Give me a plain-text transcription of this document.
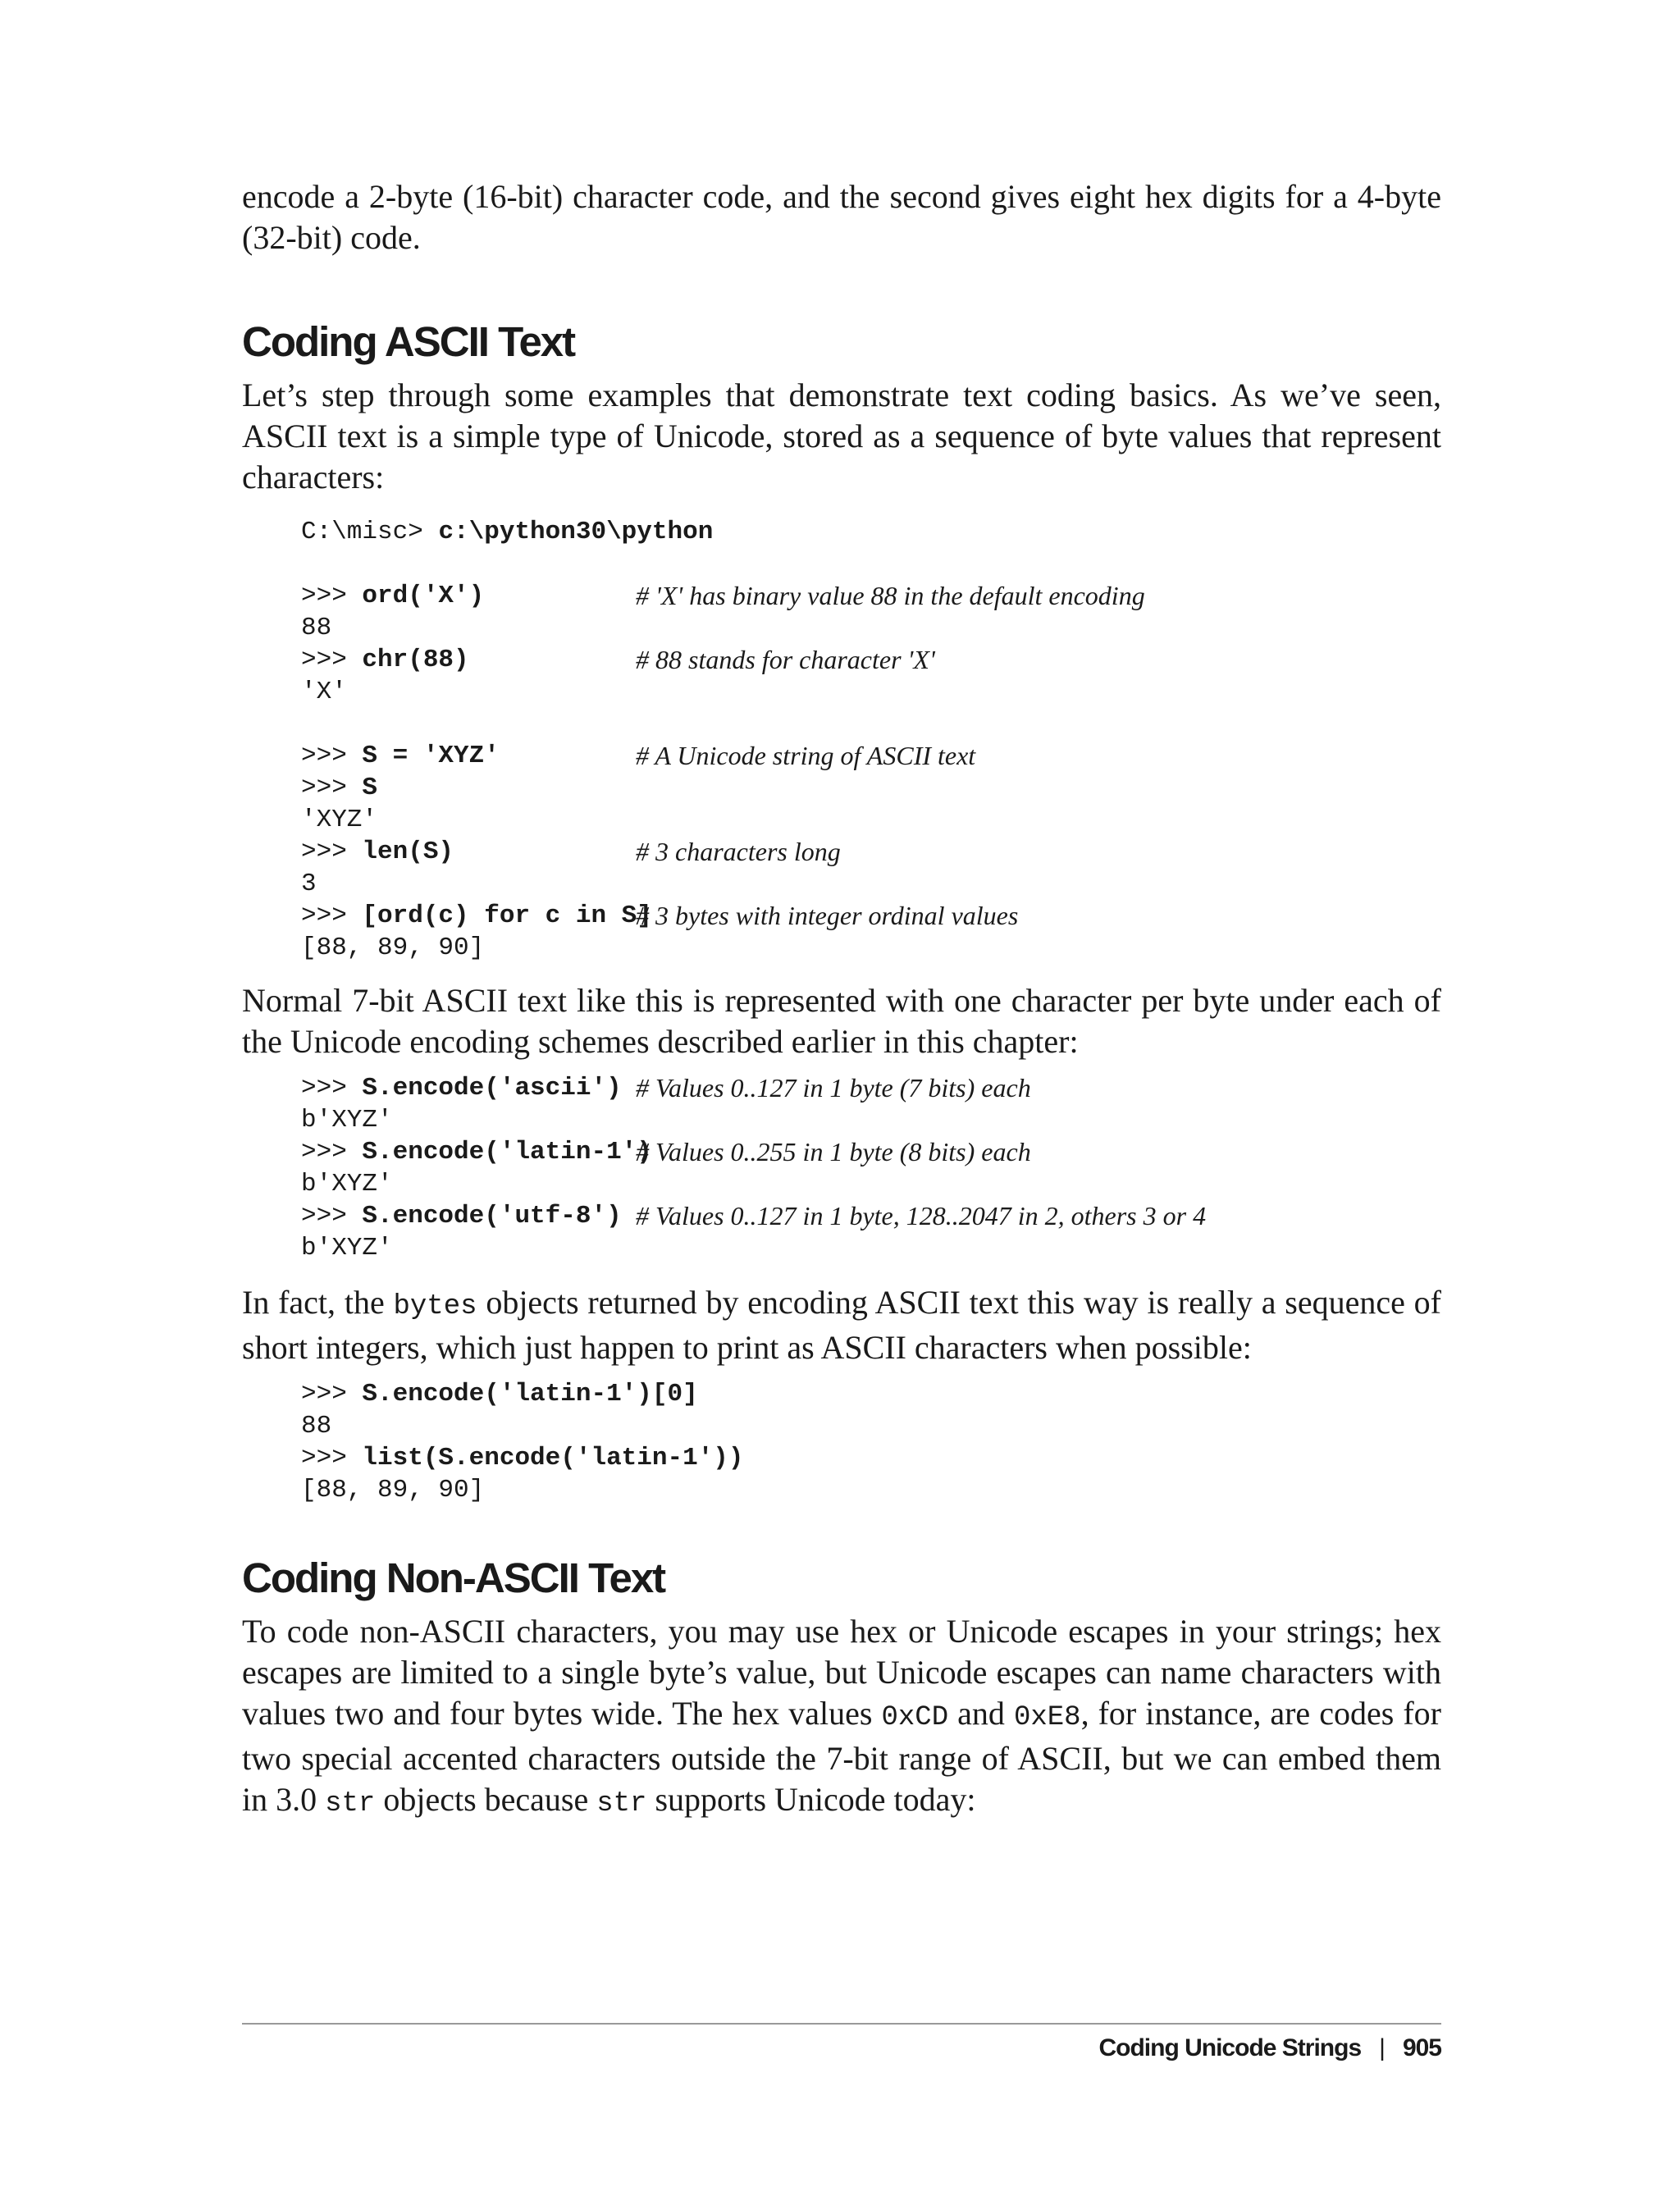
encode a 2-byte (16-bit) character code, and the second gives eight hex digits for a 4-byte (32-bit) code.

Coding ASCII Text

Let’s step through some examples that demonstrate text coding basics. As we’ve seen, ASCII text is a simple type of Unicode, stored as a sequence of byte values that represent characters:

C:\misc> c:\python30\python
>>> ord('X')	# 'X' has binary value 88 in the default encoding
88
>>> chr(88)	# 88 stands for character 'X'
'X'
>>> S = 'XYZ'	# A Unicode string of ASCII text
>>> S
'XYZ'
>>> len(S)	# 3 characters long
3
>>> [ord(c) for c in S]
# 3 bytes with integer ordinal values
[88, 89, 90]

Normal 7-bit ASCII text like this is represented with one character per byte under each of the Unicode encoding schemes described earlier in this chapter:

>>> S.encode('ascii') # Values 0..127 in 1 byte (7 bits) each
b'XYZ'
>>> S.encode('latin-1')
# Values 0..255 in 1 byte (8 bits) each
b'XYZ'
>>> S.encode('utf-8') # Values 0..127 in 1 byte, 128..2047 in 2, others 3 or 4
b'XYZ'

In fact, the bytes objects returned by encoding ASCII text this way is really a sequence of short integers, which just happen to print as ASCII characters when possible:

>>> S.encode('latin-1')[0]
88
>>> list(S.encode('latin-1'))
[88, 89, 90]
Coding Non-ASCII Text

To code non-ASCII characters, you may use hex or Unicode escapes in your strings; hex escapes are limited to a single byte’s value, but Unicode escapes can name characters with values two and four bytes wide. The hex values 0xCD and 0xE8, for instance, are codes for two special accented characters outside the 7-bit range of ASCII, but we can embed them in 3.0 str objects because str supports Unicode today:

Coding Unicode Strings | 905
